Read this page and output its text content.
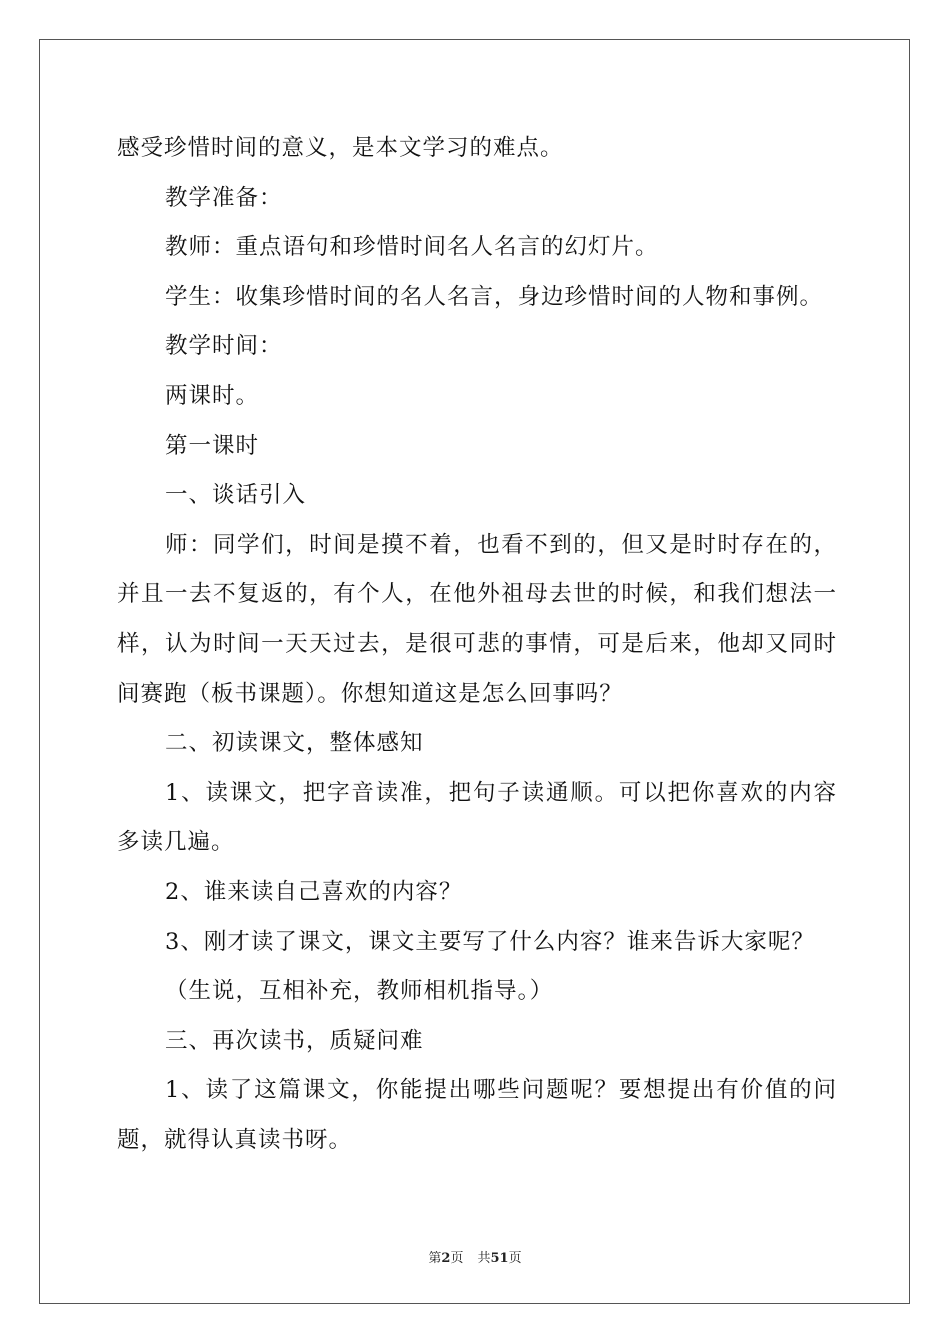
感受珍惜时间的意义，是本文学习的难点。

教学准备：

教师：重点语句和珍惜时间名人名言的幻灯片。

学生：收集珍惜时间的名人名言，身边珍惜时间的人物和事例。

教学时间：

两课时。

第一课时

一、谈话引入

师：同学们，时间是摸不着，也看不到的，但又是时时存在的，并且一去不复返的，有个人，在他外祖母去世的时候，和我们想法一样，认为时间一天天过去，是很可悲的事情，可是后来，他却又同时间赛跑（板书课题）。你想知道这是怎么回事吗？

二、初读课文，整体感知

1、读课文，把字音读准，把句子读通顺。可以把你喜欢的内容多读几遍。

2、谁来读自己喜欢的内容？

3、刚才读了课文，课文主要写了什么内容？谁来告诉大家呢？

（生说，互相补充，教师相机指导。）

三、再次读书，质疑问难

1、读了这篇课文，你能提出哪些问题呢？要想提出有价值的问题，就得认真读书呀。

第2页 共51页
